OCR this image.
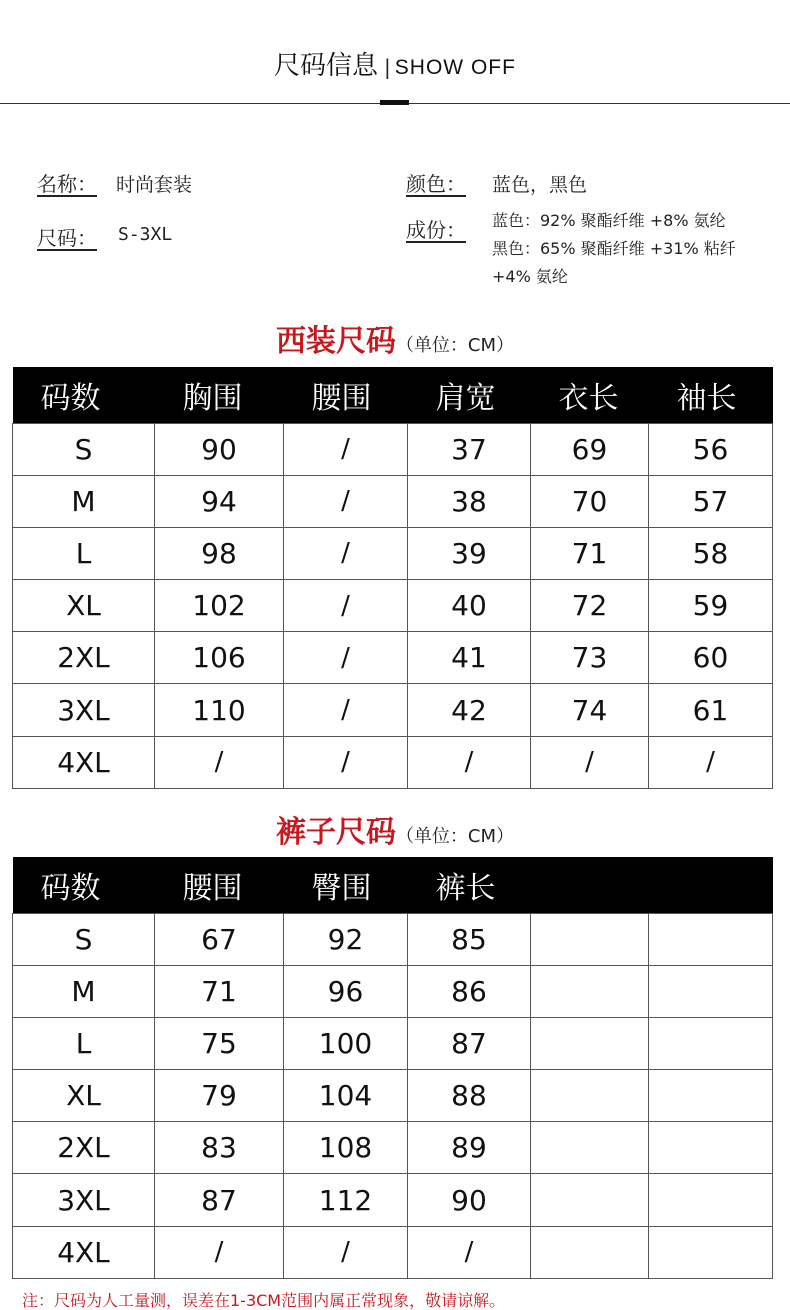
尺码信息 | SHOW OFF
名称： 时尚套装
尺码： S-3XL
颜色： 蓝色，黑色
成份： 蓝色：92% 聚酯纤维 +8% 氨纶
黑色：65% 聚酯纤维 +31% 粘纤
+4% 氨纶
西装尺码（单位：CM）
码数	胸围	腰围	肩宽	衣长	袖长
S	90	/	37	69	56
M	94	/	38	70	57
L	98	/	39	71	58
XL	102	/	40	72	59
2XL	106	/	41	73	60
3XL	110	/	42	74	61
4XL	/	/	/	/	/
裤子尺码（单位：CM）
码数	腰围	臀围	裤长		
S	67	92	85		
M	71	96	86		
L	75	100	87		
XL	79	104	88		
2XL	83	108	89		
3XL	87	112	90		
4XL	/	/	/		
注：尺码为人工量测，误差在1-3CM范围内属正常现象，敬请谅解。
